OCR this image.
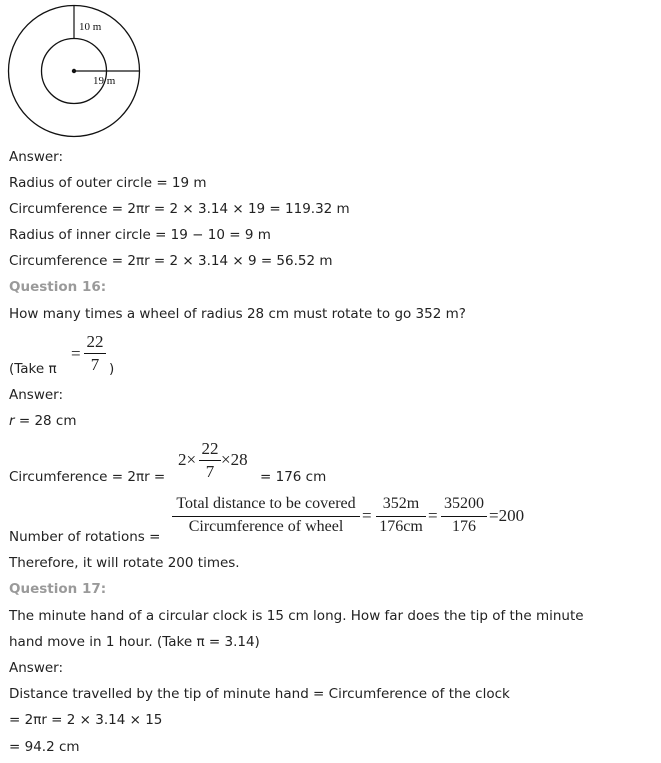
10 m
19 m
Answer:
Radius of outer circle = 19 m
Circumference = 2πr = 2 × 3.14 × 19 = 119.32 m
Radius of inner circle = 19 − 10 = 9 m
Circumference = 2πr = 2 × 3.14 × 9 = 56.52 m
Question 16:
How many times a wheel of radius 28 cm must rotate to go 352 m?
(Take π
=
22
7 )
Answer:
r = 28 cm
Circumference = 2πr =
2×
22
7
×28
= 176 cm
Number of rotations =
Total distance to be covered
Circumference of wheel
=
352m
176cm
=
35200
176
=200
Therefore, it will rotate 200 times.
Question 17:
The minute hand of a circular clock is 15 cm long. How far does the tip of the minute
hand move in 1 hour. (Take π = 3.14)
Answer:
Distance travelled by the tip of minute hand = Circumference of the clock
= 2πr = 2 × 3.14 × 15
= 94.2 cm
